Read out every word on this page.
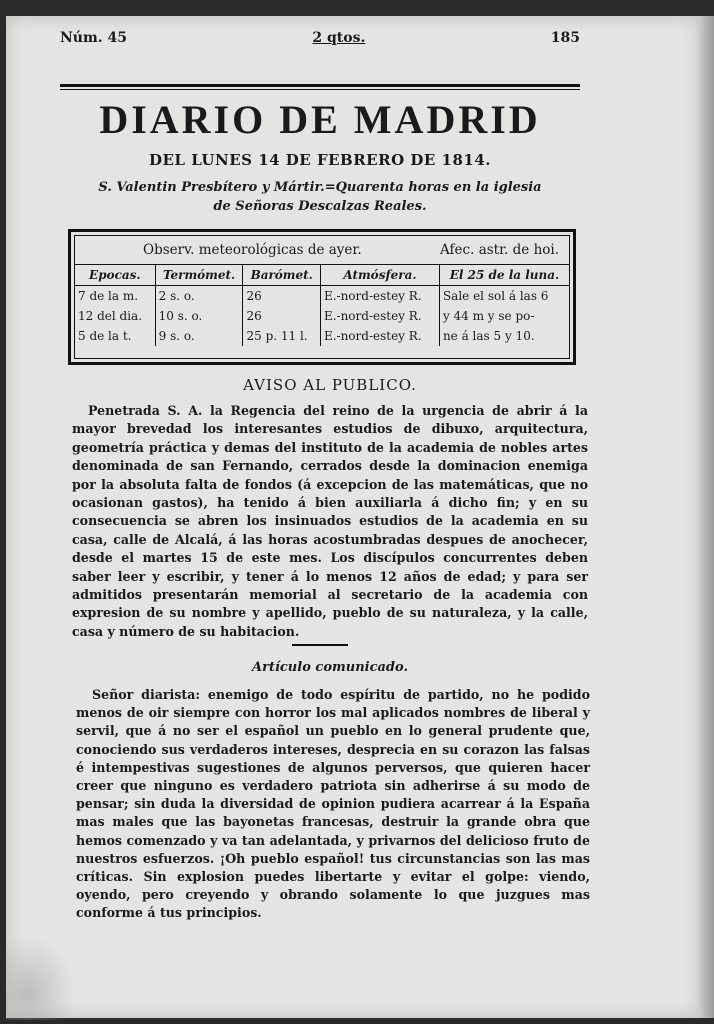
Núm. 45	2 qtos.	185
DIARIO DE MADRID
DEL LUNES 14 DE FEBRERO DE 1814.
S. Valentin Presbítero y Mártir.=Quarenta horas en la iglesia
de Señoras Descalzas Reales.
Observ. meteorológicas de ayer.	Afec. astr. de hoi.
Epocas.	Termómet.	Barómet.	Atmósfera.	El 25 de la luna.
7 de la m.	2 s. o.	26	E.-nord-estey R.	Sale el sol á las 6
12 del dia.	10 s. o.	26	E.-nord-estey R.	y 44 m y se po-
5 de la t.	9 s. o.	25 p. 11 l.	E.-nord-estey R.	ne á las 5 y 10.
AVISO AL PUBLICO.
Penetrada S. A. la Regencia del reino de la urgencia de abrir á la mayor brevedad los interesantes estudios de dibuxo, arquitectura, geometría práctica y demas del instituto de la academia de nobles artes denominada de san Fernando, cerrados desde la dominacion enemiga por la absoluta falta de fondos (á excepcion de las matemáticas, que no ocasionan gastos), ha tenido á bien auxiliarla á dicho fin; y en su consecuencia se abren los insinuados estudios de la academia en su casa, calle de Alcalá, á las horas acostumbradas despues de anochecer, desde el martes 15 de este mes. Los discípulos concurrentes deben saber leer y escribir, y tener á lo menos 12 años de edad; y para ser admitidos presentarán memorial al secretario de la academia con expresion de su nombre y apellido, pueblo de su naturaleza, y la calle, casa y número de su habitacion.
Artículo comunicado.
Señor diarista: enemigo de todo espíritu de partido, no he podido menos de oir siempre con horror los mal aplicados nombres de liberal y servil, que á no ser el español un pueblo en lo general prudente que, conociendo sus verdaderos intereses, desprecia en su corazon las falsas é intempestivas sugestiones de algunos perversos, que quieren hacer creer que ninguno es verdadero patriota sin adherirse á su modo de pensar; sin duda la diversidad de opinion pudiera acarrear á la España mas males que las bayonetas francesas, destruir la grande obra que hemos comenzado y va tan adelantada, y privarnos del delicioso fruto de nuestros esfuerzos. ¡Oh pueblo español! tus circunstancias son las mas críticas. Sin explosion puedes libertarte y evitar el golpe: viendo, oyendo, pero creyendo y obrando solamente lo que juzgues mas conforme á tus principios.
